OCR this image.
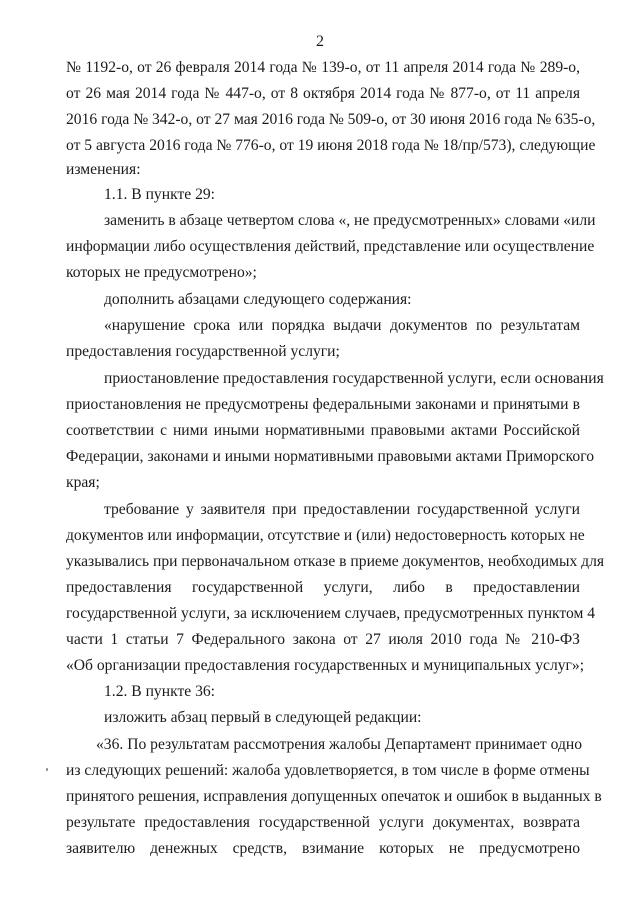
2
№ 1192-о, от 26 февраля 2014 года № 139-о, от 11 апреля 2014 года № 289-о,
от 26 мая 2014 года № 447-о, от 8 октября 2014 года № 877-о, от 11 апреля
2016 года № 342-о, от 27 мая 2016 года № 509-о, от 30 июня 2016 года № 635-о,
от 5 августа 2016 года № 776-о, от 19 июня 2018 года № 18/пр/573), следующие
изменения:
1.1. В пункте 29:
заменить в абзаце четвертом слова «, не предусмотренных» словами «или
информации либо осуществления действий, представление или осуществление
которых не предусмотрено»;
дополнить абзацами следующего содержания:
«нарушение срока или порядка выдачи документов по результатам
предоставления государственной услуги;
приостановление предоставления государственной услуги, если основания
приостановления не предусмотрены федеральными законами и принятыми в
соответствии с ними иными нормативными правовыми актами Российской
Федерации, законами и иными нормативными правовыми актами Приморского
края;
требование у заявителя при предоставлении государственной услуги
документов или информации, отсутствие и (или) недостоверность которых не
указывались при первоначальном отказе в приеме документов, необходимых для
предоставления государственной услуги, либо в предоставлении
государственной услуги, за исключением случаев, предусмотренных пунктом 4
части 1 статьи 7 Федерального закона от 27 июля 2010 года № 210-ФЗ
«Об организации предоставления государственных и муниципальных услуг»;
1.2. В пункте 36:
изложить абзац первый в следующей редакции:
«36. По результатам рассмотрения жалобы Департамент принимает одно
из следующих решений: жалоба удовлетворяется, в том числе в форме отмены
принятого решения, исправления допущенных опечаток и ошибок в выданных в
результате предоставления государственной услуги документах, возврата
заявителю денежных средств, взимание которых не предусмотрено
